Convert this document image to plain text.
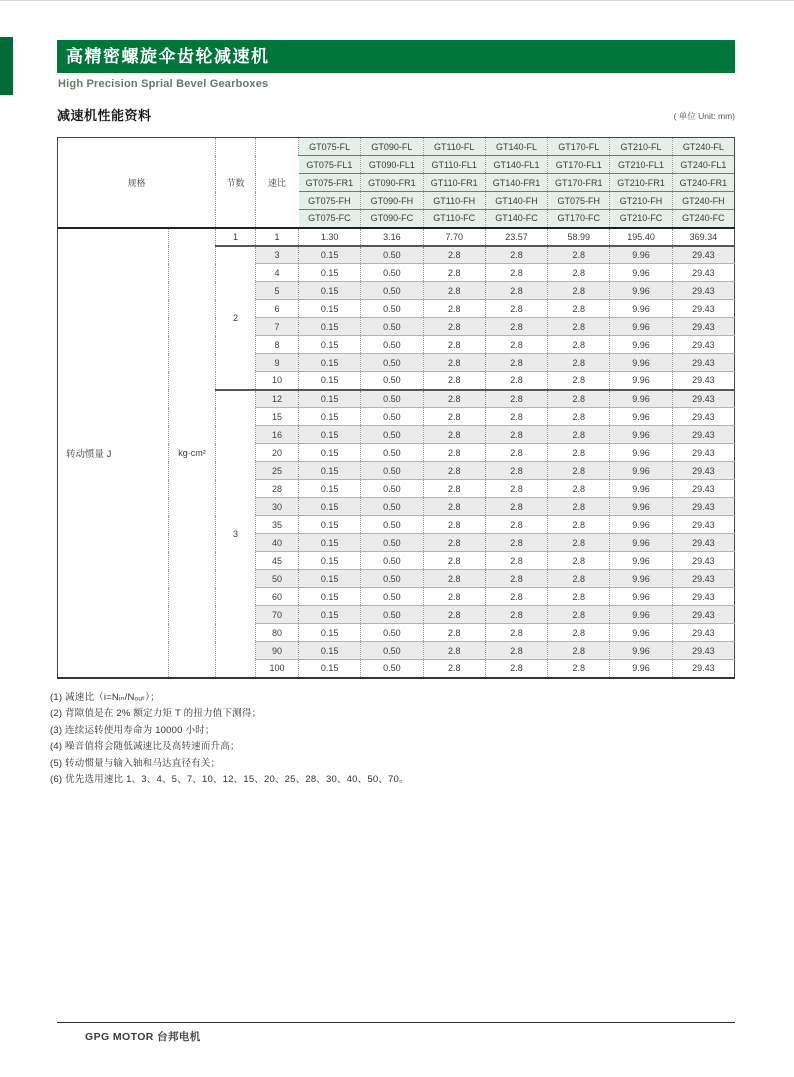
高精密螺旋伞齿轮减速机
High Precision Sprial Bevel Gearboxes
减速机性能资料	( 单位 Unit: mm)
规格		节数	速比	GT075-FL	GT090-FL	GT110-FL	GT140-FL	GT170-FL	GT210-FL	GT240-FL
				GT075-FL1	GT090-FL1	GT110-FL1	GT140-FL1	GT170-FL1	GT210-FL1	GT240-FL1
				GT075-FR1	GT090-FR1	GT110-FR1	GT140-FR1	GT170-FR1	GT210-FR1	GT240-FR1
				GT075-FH	GT090-FH	GT110-FH	GT140-FH	GT075-FH	GT210-FH	GT240-FH
				GT075-FC	GT090-FC	GT110-FC	GT140-FC	GT170-FC	GT210-FC	GT240-FC
转动惯量 J	kg·cm²	1	1	1.30	3.16	7.70	23.57	58.99	195.40	369.34
		2	3	0.15	0.50	2.8	2.8	2.8	9.96	29.43
			4	0.15	0.50	2.8	2.8	2.8	9.96	29.43
			5	0.15	0.50	2.8	2.8	2.8	9.96	29.43
			6	0.15	0.50	2.8	2.8	2.8	9.96	29.43
			7	0.15	0.50	2.8	2.8	2.8	9.96	29.43
			8	0.15	0.50	2.8	2.8	2.8	9.96	29.43
			9	0.15	0.50	2.8	2.8	2.8	9.96	29.43
			10	0.15	0.50	2.8	2.8	2.8	9.96	29.43
		3	12	0.15	0.50	2.8	2.8	2.8	9.96	29.43
			15	0.15	0.50	2.8	2.8	2.8	9.96	29.43
			16	0.15	0.50	2.8	2.8	2.8	9.96	29.43
			20	0.15	0.50	2.8	2.8	2.8	9.96	29.43
			25	0.15	0.50	2.8	2.8	2.8	9.96	29.43
			28	0.15	0.50	2.8	2.8	2.8	9.96	29.43
			30	0.15	0.50	2.8	2.8	2.8	9.96	29.43
			35	0.15	0.50	2.8	2.8	2.8	9.96	29.43
			40	0.15	0.50	2.8	2.8	2.8	9.96	29.43
			45	0.15	0.50	2.8	2.8	2.8	9.96	29.43
			50	0.15	0.50	2.8	2.8	2.8	9.96	29.43
			60	0.15	0.50	2.8	2.8	2.8	9.96	29.43
			70	0.15	0.50	2.8	2.8	2.8	9.96	29.43
			80	0.15	0.50	2.8	2.8	2.8	9.96	29.43
			90	0.15	0.50	2.8	2.8	2.8	9.96	29.43
			100	0.15	0.50	2.8	2.8	2.8	9.96	29.43
(1) 减速比（i=Nᵢₙ/Nₒᵤₜ）；
(2) 背隙值是在 2% 额定力矩 T 的扭力值下测得；
(3) 连续运转使用寿命为 10000 小时；
(4) 噪音值将会随低减速比及高转速而升高；
(5) 转动惯量与输入轴和马达直径有关；
(6) 优先选用速比 1、3、4、5、7、10、12、15、20、25、28、30、40、50、70。
GPG MOTOR 台邦电机
